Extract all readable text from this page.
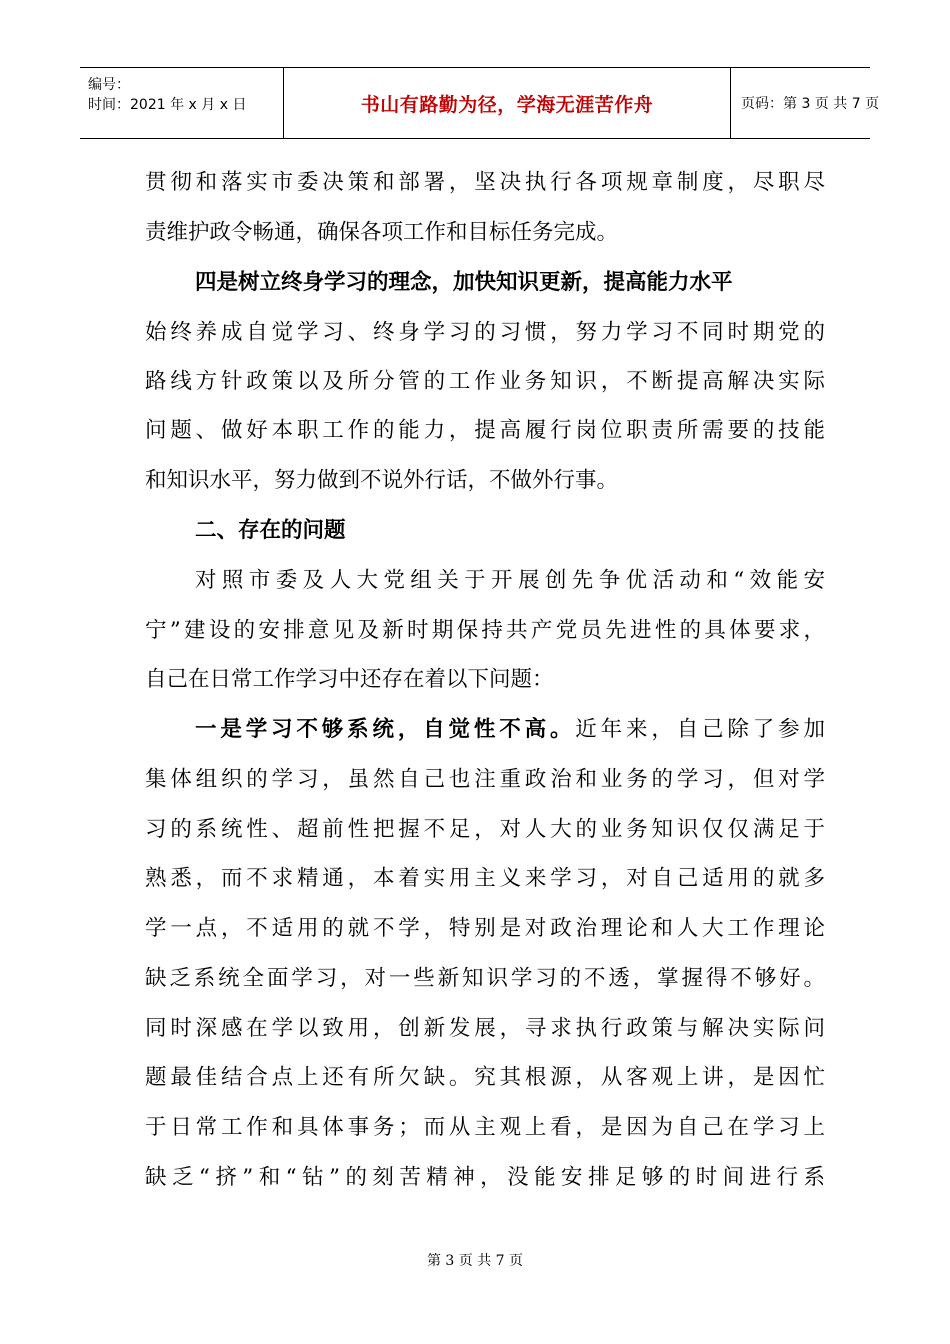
编号：
时间：2021 年 x 月 x 日	书山有路勤为径，学海无涯苦作舟	页码：第 3 页 共 7 页
贯彻和落实市委决策和部署，坚决执行各项规章制度，尽职尽
责维护政令畅通，确保各项工作和目标任务完成。
四是树立终身学习的理念，加快知识更新，提高能力水平
始终养成自觉学习、终身学习的习惯，努力学习不同时期党的
路线方针政策以及所分管的工作业务知识，不断提高解决实际
问题、做好本职工作的能力，提高履行岗位职责所需要的技能
和知识水平，努力做到不说外行话，不做外行事。
二、存在的问题
对照市委及人大党组关于开展创先争优活动和“效能安
宁”建设的安排意见及新时期保持共产党员先进性的具体要求，
自己在日常工作学习中还存在着以下问题：
一是学习不够系统，自觉性不高。近年来，自己除了参加
集体组织的学习，虽然自己也注重政治和业务的学习，但对学
习的系统性、超前性把握不足，对人大的业务知识仅仅满足于
熟悉，而不求精通，本着实用主义来学习，对自己适用的就多
学一点，不适用的就不学，特别是对政治理论和人大工作理论
缺乏系统全面学习，对一些新知识学习的不透，掌握得不够好。
同时深感在学以致用，创新发展，寻求执行政策与解决实际问
题最佳结合点上还有所欠缺。究其根源，从客观上讲，是因忙
于日常工作和具体事务；而从主观上看，是因为自己在学习上
缺乏“挤”和“钻”的刻苦精神，没能安排足够的时间进行系
第 3 页 共 7 页
